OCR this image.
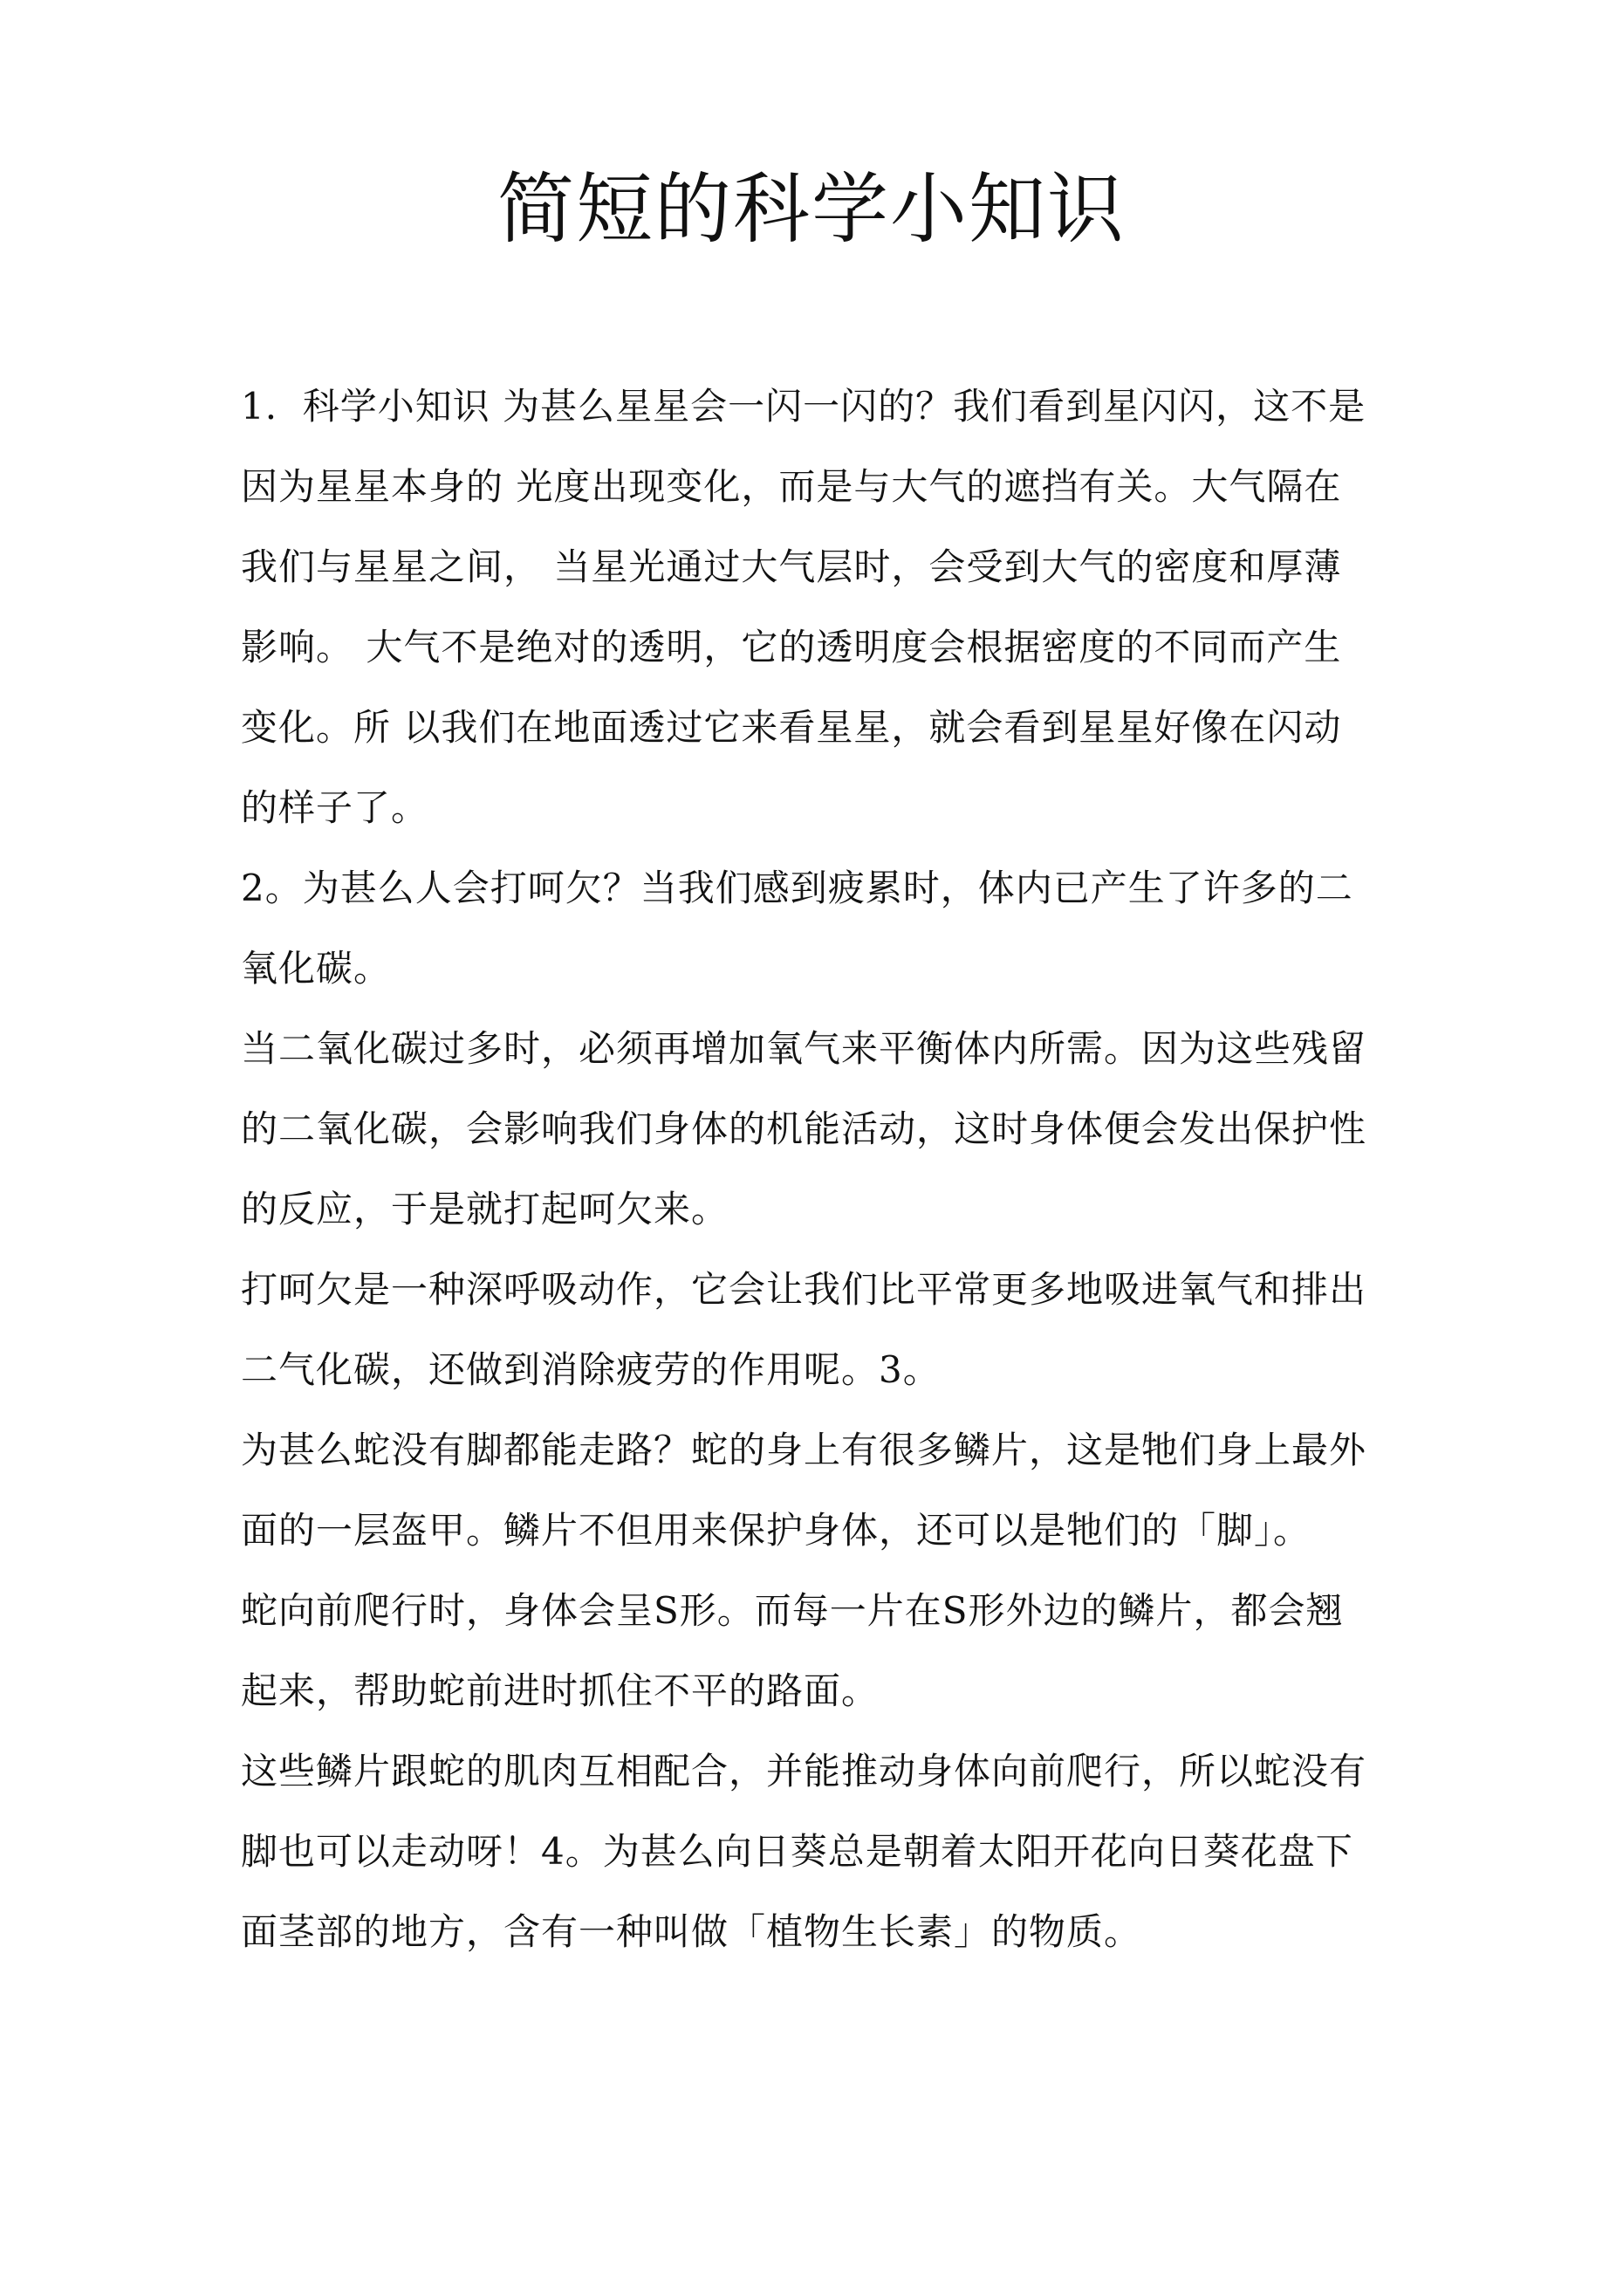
简短的科学小知识
1.  科学小知识 为甚么星星会一闪一闪的？我们看到星闪闪，这不是
因为星星本身的 光度出现变化，而是与大气的遮挡有关。大气隔在
我们与星星之间， 当星光通过大气层时，会受到大气的密度和厚薄
影响。 大气不是绝对的透明，它的透明度会根据密度的不同而产生
变化。所 以我们在地面透过它来看星星，就会看到星星好像在闪动
的样子了。
2。为甚么人会打呵欠？当我们感到疲累时，体内已产生了许多的二
氧化碳。
当二氧化碳过多时，必须再增加氧气来平衡体内所需。因为这些残留
的二氧化碳，会影响我们身体的机能活动，这时身体便会发出保护性
的反应，于是就打起呵欠来。
打呵欠是一种深呼吸动作，它会让我们比平常更多地吸进氧气和排出
二气化碳，还做到消除疲劳的作用呢。3。
为甚么蛇没有脚都能走路？蛇的身上有很多鳞片，这是牠们身上最外
面的一层盔甲。鳞片不但用来保护身体，还可以是牠们的「脚」。
蛇向前爬行时，身体会呈S形。而每一片在S形外边的鳞片，都会翘
起来，帮助蛇前进时抓住不平的路面。
这些鳞片跟蛇的肌肉互相配合，并能推动身体向前爬行，所以蛇没有
脚也可以走动呀！4。为甚么向日葵总是朝着太阳开花向日葵花盘下
面茎部的地方，含有一种叫做「植物生长素」的物质。
